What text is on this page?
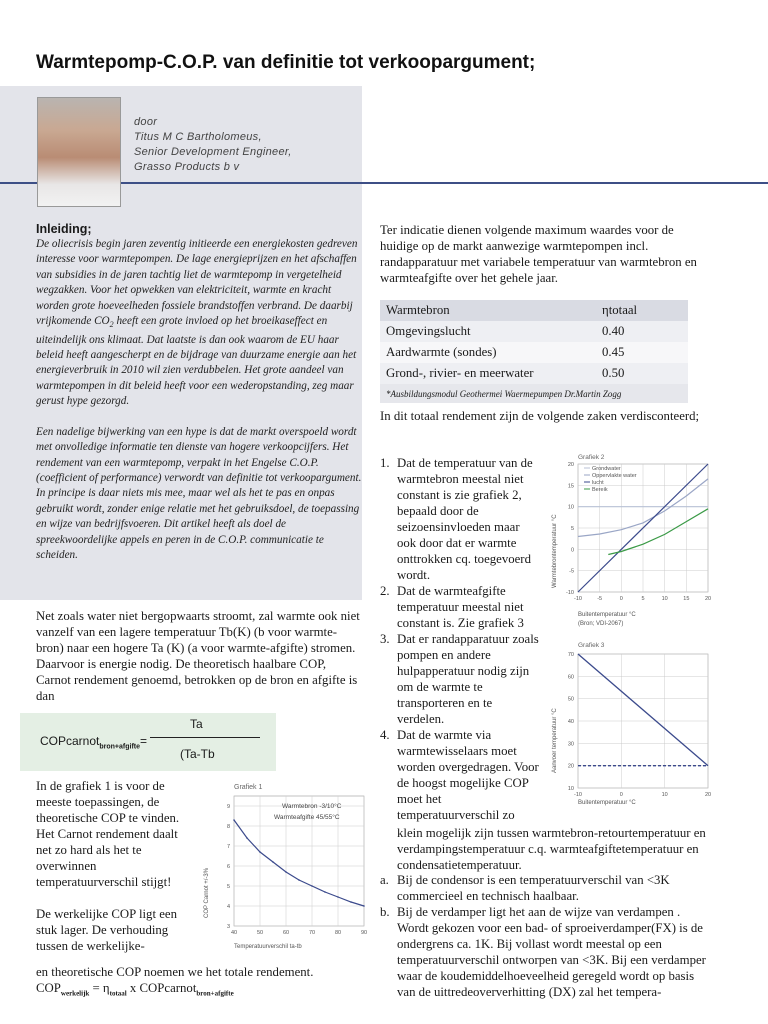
Warmtepomp-C.O.P. van definitie tot verkoopargument;
door
Titus M C Bartholomeus,
Senior Development Engineer,
Grasso Products b v
Inleiding;

De oliecrisis begin jaren zeventig initieerde een energiekosten gedreven interesse voor warmtepompen. De lage energieprijzen en het afschaffen van subsidies in de jaren tachtig liet de warmtepomp in vergetelheid wegzakken. Voor het opwekken van elektriciteit, warmte en kracht worden grote hoeveelheden fossiele brandstoffen verbrand. De daarbij vrijkomende $CO_2$ heeft een grote invloed op het broeikaseffect en uiteindelijk ons klimaat. Dat laatste is dan ook waarom de EU haar beleid heeft aangescherpt en de bijdrage van duurzame energie aan het energieverbruik in 2010 wil zien verdubbelen. Het grote aandeel van warmtepompen in dit beleid heeft voor een wederopstanding, zeg maar gerust hype gezorgd.

Een nadelige bijwerking van een hype is dat de markt overspoeld wordt met onvolledige informatie ten dienste van hogere verkoopcijfers. Het rendement van een warmtepomp, verpakt in het Engelse C.O.P. (coefficient of performance) verwordt van definitie tot verkoopargument. In principe is daar niets mis mee, maar wel als het te pas en onpas gebruikt wordt, zonder enige relatie met het gebruiksdoel, de toepassing en wijze van bedrijfsvoeren. Dit artikel heeft als doel de spreekwoordelijke appels en peren in de C.O.P. communicatie te scheiden.

Net zoals water niet bergopwaarts stroomt, zal warmte ook niet vanzelf van een lagere temperatuur Tb(K) (b voor warmte-bron) naar een hogere Ta (K) (a voor warmte-afgifte) stromen. Daarvoor is energie nodig. De theoretisch haalbare COP, Carnot rendement genoemd, betrokken op de bron en afgifte is dan
COPcarnot$_{bron+afgifte}$=
Ta
(Ta-Tb
In de grafiek 1 is voor de meeste toepassingen, de theoretische COP te vinden.
Het Carnot rendement daalt net zo hard als het te overwinnen temperatuurverschil stijgt!
De werkelijke COP ligt een stuk lager. De verhouding tussen de werkelijke-
en theoretische COP noemen we het totale rendement.
$COP_{werkelijk} = \eta_{totaal}$ x COPcarnot$_{bron+afgifte}$
Ter indicatie dienen volgende maximum waardes voor de huidige op de markt aanwezige warmtepompen incl. randapparatuur met variabele temperatuur van warmtebron en warmteafgifte over het gehele jaar.
Warmtebron	ηtotaal
Omgevingslucht	0.40
Aardwarmte (sondes)	0.45
Grond-, rivier- en meerwater	0.50
*Ausbildungsmodul Geothermei Waermepumpen Dr.Martin Zogg	
In dit totaal rendement zijn de volgende zaken verdisconteerd;
1. Dat de temperatuur van de warmtebron meestal niet constant is zie grafiek 2, bepaald door de seizoensinvloeden maar ook door dat er warmte onttrokken cq. toegevoerd wordt.
2. Dat de warmteafgifte temperatuur meestal niet constant is. Zie grafiek 3
3. Dat er randapparatuur zoals pompen en andere hulpapperatuur nodig zijn om de warmte te transporteren en te verdelen.
4. Dat de warmte via warmtewisselaars moet worden overgedragen. Voor de hoogst mogelijke COP moet het temperatuurverschil zo
klein mogelijk zijn tussen warmtebron-retourtemperatuur en verdampingstemperatuur c.q. warmteafgiftetemperatuur en condensatietemperatuur.
a. Bij de condensor is een temperatuurverschil van <3K commercieel en technisch haalbaar.
b. Bij de verdamper ligt het aan de wijze van verdampen . Wordt gekozen voor een bad- of sproeiverdamper(FX) is de ondergrens ca. 1K. Bij vollast wordt meestal op een temperatuurverschil ontworpen van <3K. Bij een verdamper waar de koudemiddelhoeveelheid geregeld wordt op basis van de uittredeoververhitting (DX) zal het tempera-
Grafiek 1
3
4
5
6
7
8
9
40	50	60	70	80	90
Warmtebron -3/10°C
Warmteafgifte 45/55°C
Temperatuurverschil ta-tb
COP Carnot +/-3%
Grafiek 2
-10
-5
0
5
10
15
20
-10	-5	0	5	10	15	20
Grondwater
Oppervlakte water
lucht
Bereik
Buitentemperatuur °C
(Bron; VDI-2067)
Warmtebrontemperatuur °C
Grafiek 3
10
20
30
40
50
60
70
-10	0	10	20
Buitentemperatuur °C
Aanvoer temperatuur °C
